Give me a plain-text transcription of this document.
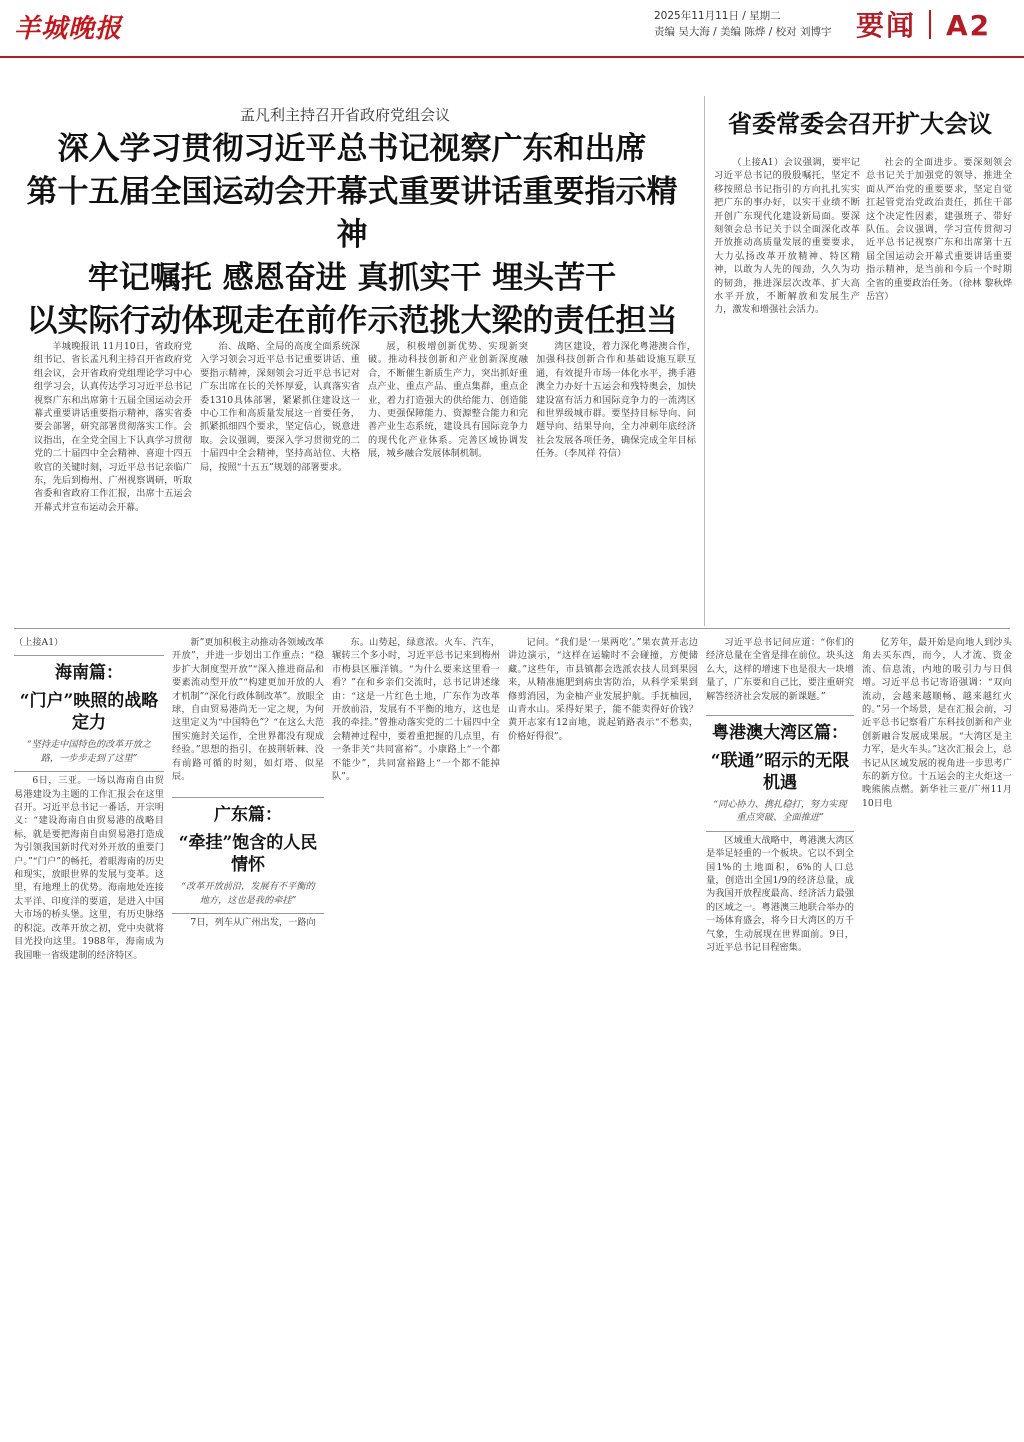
羊城晚报	2025年11月11日 / 星期二
责编 吴大海 / 美编 陈烨 / 校对 刘博宇 要闻｜A2
孟凡利主持召开省政府党组会议
深入学习贯彻习近平总书记视察广东和出席
第十五届全国运动会开幕式重要讲话重要指示精神
牢记嘱托 感恩奋进 真抓实干 埋头苦干
以实际行动体现走在前作示范挑大梁的责任担当

羊城晚报讯 11月10日，省政府党组书记、省长孟凡利主持召开省政府党组会议，会开省政府党组理论学习中心组学习会，认真传达学习习近平总书记视察广东和出席第十五届全国运动会开幕式重要讲话重要指示精神，落实省委要会部署，研究部署贯彻落实工作。会议指出，在全党全国上下认真学习贯彻党的二十届四中全会精神、喜迎十四五收官的关键时刻，习近平总书记亲临广东，先后到梅州、广州视察调研，听取省委和省政府工作汇报，出席十五运会开幕式并宣布运动会开幕。

治、战略、全局的高度全面系统深入学习领会习近平总书记重要讲话、重要指示精神，深刻领会习近平总书记对广东出席在长的关怀厚爱，认真落实省委1310具体部署，紧紧抓住建设这一中心工作和高质量发展这一首要任务，抓紧抓细四个要求，坚定信心，锐意进取。会议强调，要深入学习贯彻党的二十届四中全会精神，坚持高站位、大格局，按照“十五五”规划的部署要求。

展，积极增创新优势、实现新突破。推动科技创新和产业创新深度融合，不断催生新质生产力，突出抓好重点产业、重点产品、重点集群，重点企业，着力打造强大的供给能力、创造能力、更强保障能力、资源整合能力和完善产业生态系统，建设具有国际竞争力的现代化产业体系。完善区域协调发展，城乡融合发展体制机制。

湾区建设，着力深化粤港澳合作，加强科技创新合作和基础设施互联互通，有效提升市场一体化水平，携手港澳全力办好十五运会和残特奥会，加快建设富有活力和国际竞争力的一流湾区和世界级城市群。要坚持目标导向、问题导向、结果导向，全力冲刺年底经济社会发展各项任务，确保完成全年目标任务。（李凤祥 符信）

省委常委会召开扩大会议

（上接A1）会议强调，要牢记习近平总书记的殷殷嘱托，坚定不移按照总书记指引的方向扎扎实实把广东的事办好，以实干业绩不断开创广东现代化建设新局面。要深刻领会总书记关于以全面深化改革开放推动高质量发展的重要要求，大力弘扬改革开放精神、特区精神，以敢为人先的闯劲，久久为功的韧劲，推进深层次改革、扩大高水平开放，不断解放和发展生产力，激发和增强社会活力。

社会的全面进步。要深刻领会总书记关于加强党的领导、推进全面从严治党的重要要求，坚定自觉扛起管党治党政治责任，抓住干部这个决定性因素，建强班子、带好队伍。会议强调，学习宣传贯彻习近平总书记视察广东和出席第十五届全国运动会开幕式重要讲话重要指示精神，是当前和今后一个时期全省的重要政治任务。（徐林 黎秋烨 岳宫）

（上接A1）
海南篇：
“门户”映照的战略定力
“坚持走中国特色的改革开放之路，一步步走到了这里”

6日，三亚。一场以海南自由贸易港建设为主题的工作汇报会在这里召开。习近平总书记一番话，开宗明义：“建设海南自由贸易港的战略目标，就是要把海南自由贸易港打造成为引领我国新时代对外开放的重要门户。”“门户”的畅托，着眼海南的历史和现实，放眼世界的发展与变革。这里，有地理上的优势。海南地处连接太平洋、印度洋的要道，是进入中国大市场的桥头堡。这里，有历史脉络的积淀。改革开放之初，党中央就将目光投向这里。1988年，海南成为我国唯一省级建制的经济特区。

新”更加积极主动推动各领域改革开放”，并进一步划出工作重点：“稳步扩大制度型开放”“深入推进商品和要素流动型开放”“构建更加开放的人才机制”“深化行政体制改革”。放眼全球，自由贸易港尚无一定之规，为何这里定义为“中国特色”？“在这么大范围实施封关运作，全世界都没有现成经验。”思想的指引，在披荆斩棘、没有前路可循的时刻，如灯塔、似星辰。

广东篇：
“牵挂”饱含的人民情怀
“改革开放前沿，发展有不平衡的地方，这也是我的牵挂”

7日，列车从广州出发，一路向

东。山势起，绿意浓。火车、汽车，辗转三个多小时，习近平总书记来到梅州市梅县区雁洋镇。“为什么要来这里看一看？”在和乡亲们交流时，总书记讲述缘由：“这是一片红色土地，广东作为改革开放前沿，发展有不平衡的地方，这也是我的牵挂。”曾推动落实党的二十届四中全会精神过程中，要着重把握的几点里，有一条非关“共同富裕”。小康路上“一个都不能少”，共同富裕路上“一个都不能掉队”。

记问。“我们是‘一果两吃’。”果农黄开志边讲边演示，“这样在运输时不会碰撞，方便储藏。”这些年，市县镇都会选派农技人员到果园来，从精准施肥到病虫害防治，从科学采果到修剪消园，为金柚产业发展护航。手抚柚园，山青水山。采得好果子，能不能卖得好价钱？黄开志家有12亩地，说起销路表示“不愁卖，价格好得很”。

习近平总书记问应道：“你们的经济总量在全省是排在前位。块头这么大，这样的增速下也是很大一块增量了，广东要和自己比，要注重研究解答经济社会发展的新课题。”

粤港澳大湾区篇：
“联通”昭示的无限机遇
“同心协力、携扎稳打，努力实现重点突破、全面推进”

区域重大战略中，粤港澳大湾区是举足轻重的一个板块。它以不到全国1%的土地面积，6%的人口总量，创造出全国1/9的经济总量，成为我国开放程度最高、经济活力最强的区域之一。粤港澳三地联合举办的一场体育盛会，将今日大湾区的万千气象，生动展现在世界面前。9日，习近平总书记目程密集。

亿芳年，最开始是向地人到沙头角去买东西，而今，人才流、资金流、信息流，内地的吸引力与日俱增。习近平总书记寄语强调：“双向流动，会越来越顺畅、越来越红火的。”另一个场景，是在汇报会前，习近平总书记察看广东科技创新和产业创新融合发展成果展。“大湾区是主力军，是火车头。”这次汇报会上，总书记从区域发展的视角进一步思考广东的新方位。十五运会的主火炬这一晚熊熊点燃。新华社三亚/广州11月10日电
